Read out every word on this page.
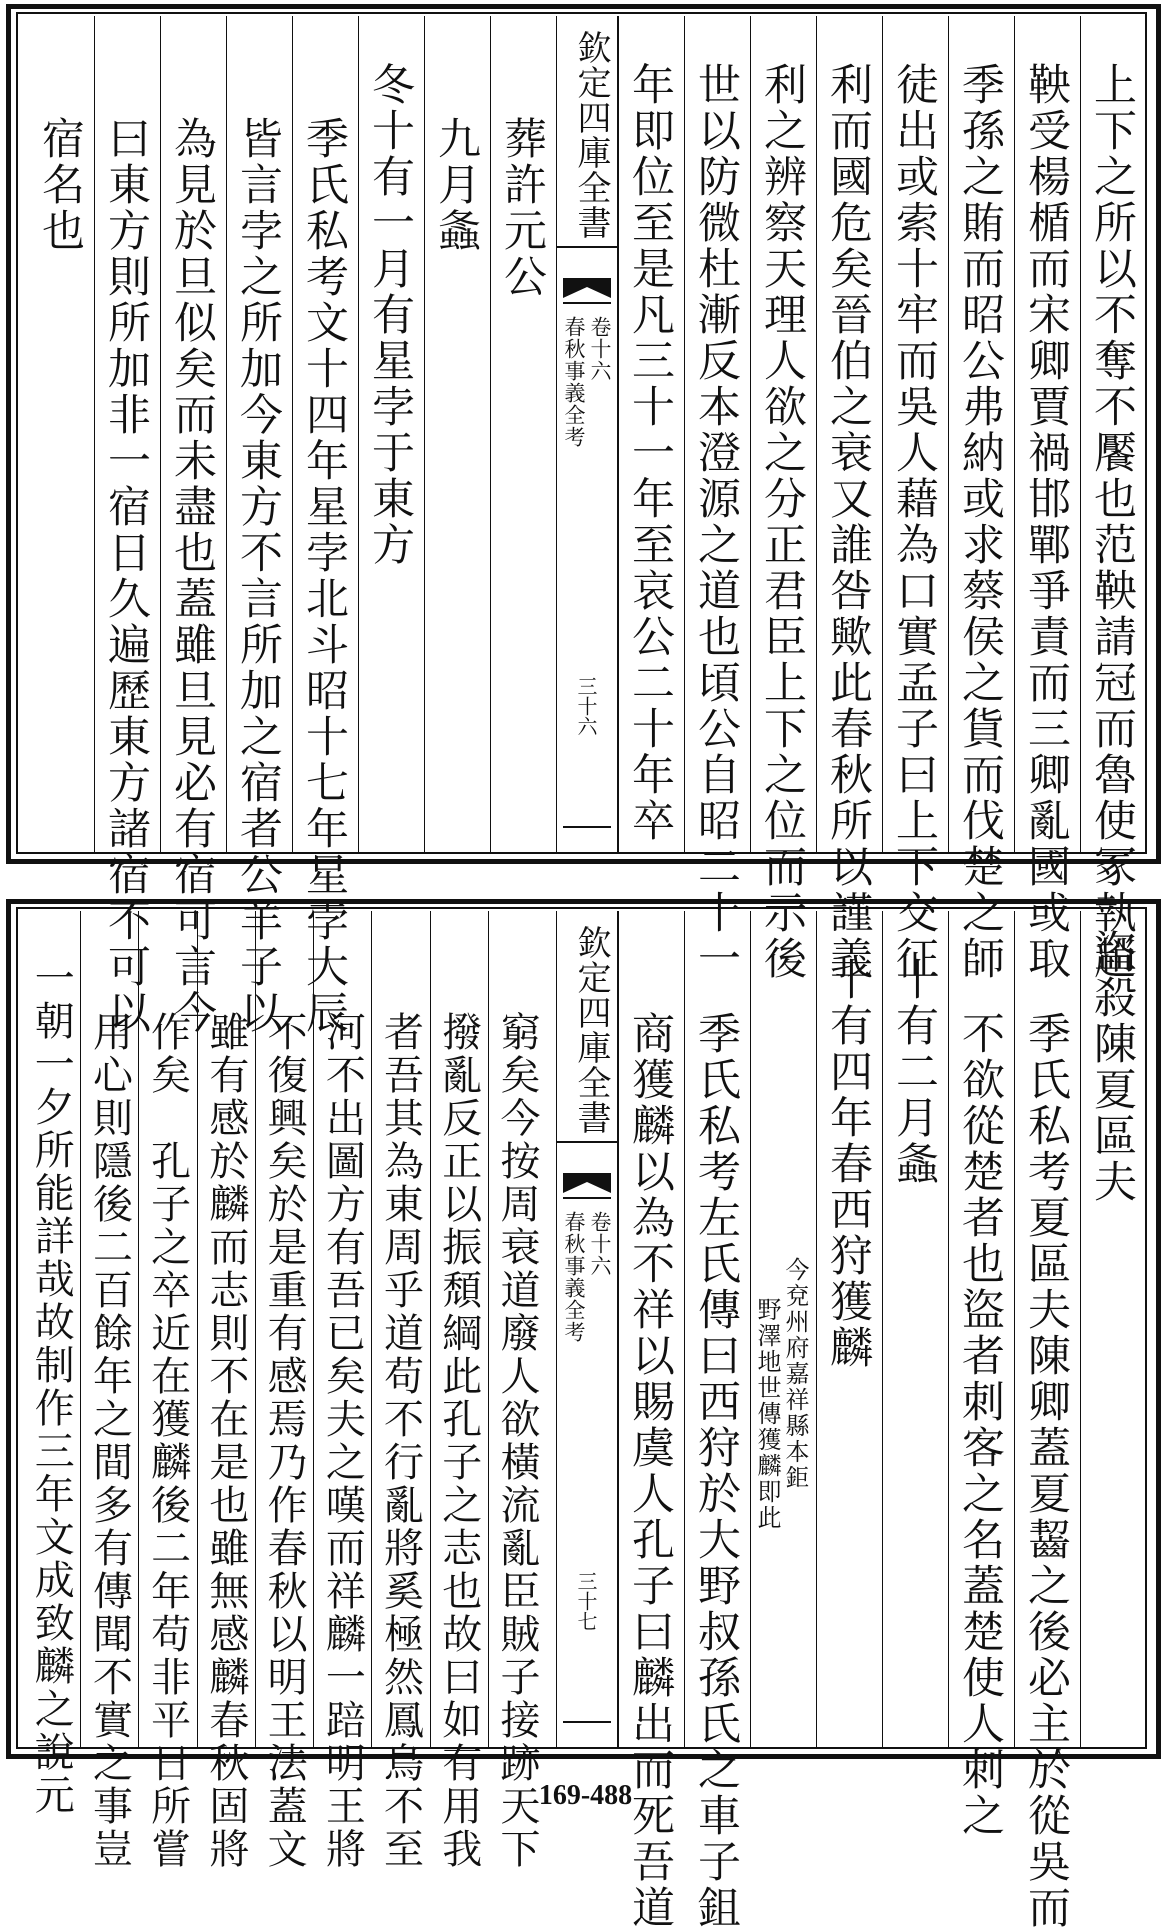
上下之所以不奪不饜也范鞅請冠而魯使冢執趙
鞅受楊楯而宋卿賈禍邯鄲爭責而三卿亂國或取
季孫之賄而昭公弗納或求蔡侯之貨而伐楚之師
徒出或索十牢而吳人藉為口實孟子曰上下交征
利而國危矣晉伯之衰又誰咎歟此春秋所以謹義
利之辨察天理人欲之分正君臣上下之位而示後
世以防微杜漸反本澄源之道也頃公自昭二十一
年即位至是凡三十一年至哀公二十年卒
欽定四庫全書
卷十六
春秋事義全考
三十六
葬許元公
九月螽
冬十有一月有星孛于東方
季氏私考文十四年星孛北斗昭十七年星孛大辰
皆言孛之所加今東方不言所加之宿者公羊子以
為見於旦似矣而未盡也蓋雖旦見必有宿可言今
曰東方則所加非一宿日久遍歷東方諸宿不可以
宿名也
盜殺陳夏區夫
季氏私考夏區夫陳卿蓋夏齧之後必主於從吳而
不欲從楚者也盜者刺客之名蓋楚使人刺之
十有二月螽
十有四年春西狩獲麟
今兗州府嘉祥縣本鉅
野澤地世傳獲麟即此
季氏私考左氏傳曰西狩於大野叔孫氏之車子鉏
商獲麟以為不祥以賜虞人孔子曰麟出而死吾道
欽定四庫全書
卷十六
春秋事義全考
三十七
窮矣今按周衰道廢人欲橫流亂臣賊子接跡天下
撥亂反正以振頹綱此孔子之志也故曰如有用我
者吾其為東周乎道苟不行亂將奚極然鳳鳥不至
河不出圖方有吾已矣夫之嘆而祥麟一踣明王將
不復興矣於是重有感焉乃作春秋以明王法蓋文
雖有感於麟而志則不在是也雖無感麟春秋固將
作矣　孔子之卒近在獲麟後二年苟非平日所嘗
用心則隱後二百餘年之間多有傳聞不實之事豈
一朝一夕所能詳哉故制作三年文成致麟之說元	169-488
